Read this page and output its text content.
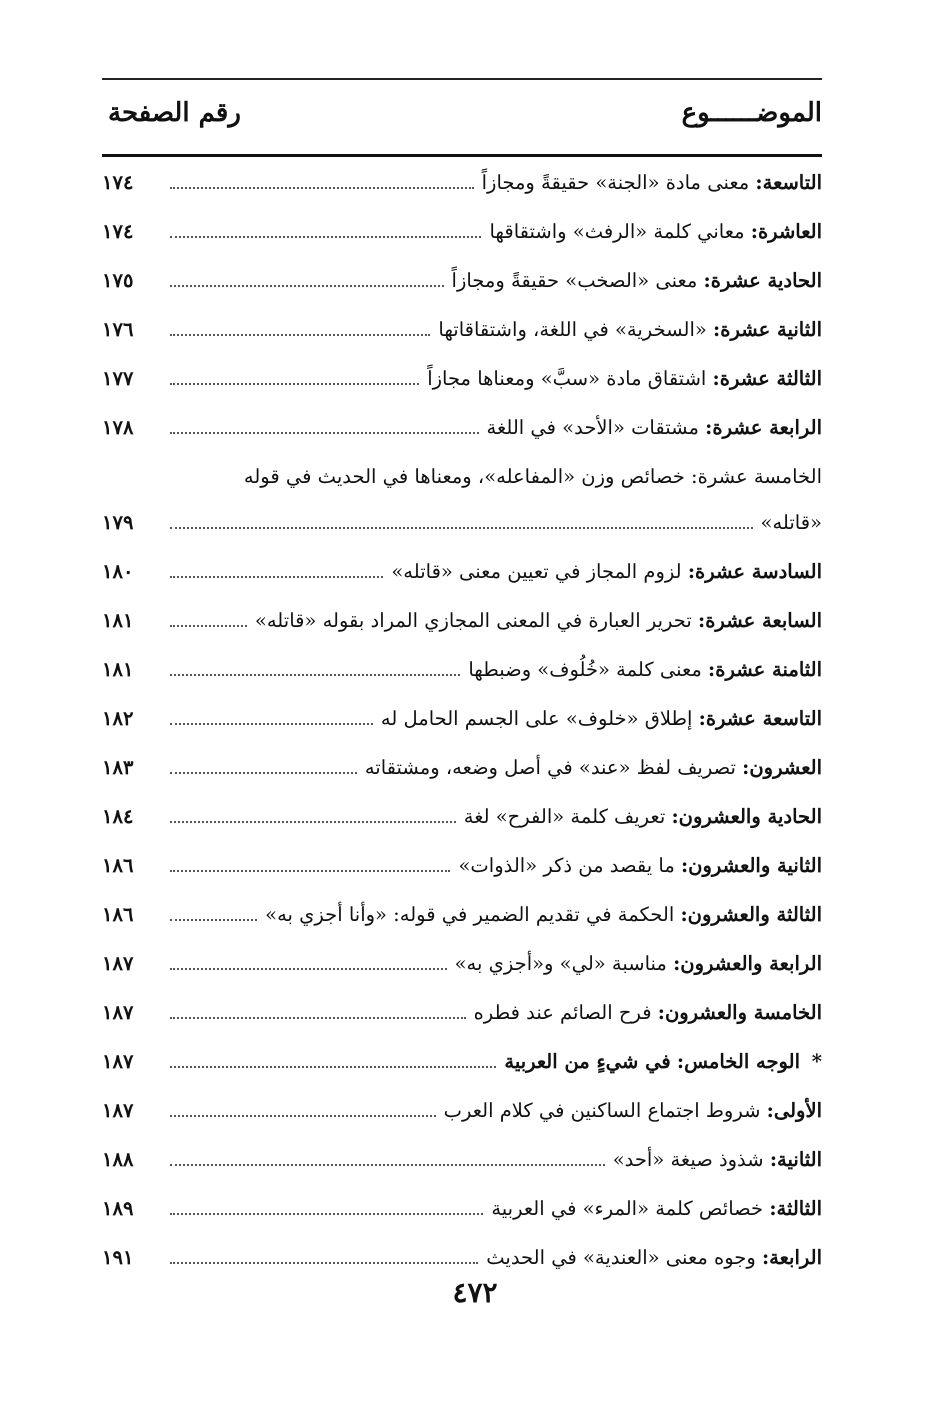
الموضــــــوع
رقم الصفحة
التاسعة: معنى مادة «الجنة» حقيقةً ومجازاً
١٧٤
العاشرة: معاني كلمة «الرفث» واشتقاقها
١٧٤
الحادية عشرة: معنى «الصخب» حقيقةً ومجازاً
١٧٥
الثانية عشرة: «السخرية» في اللغة، واشتقاقاتها
١٧٦
الثالثة عشرة: اشتقاق مادة «سبَّ» ومعناها مجازاً
١٧٧
الرابعة عشرة: مشتقات «الأحد» في اللغة
١٧٨
الخامسة عشرة: خصائص وزن «المفاعله»، ومعناها في الحديث في قوله
«قاتله»
١٧٩
السادسة عشرة: لزوم المجاز في تعيين معنى «قاتله»
١٨٠
السابعة عشرة: تحرير العبارة في المعنى المجازي المراد بقوله «قاتله»
١٨١
الثامنة عشرة: معنى كلمة «خُلُوف» وضبطها
١٨١
التاسعة عشرة: إطلاق «خلوف» على الجسم الحامل له
١٨٢
العشرون: تصريف لفظ «عند» في أصل وضعه، ومشتقاته
١٨٣
الحادية والعشرون: تعريف كلمة «الفرح» لغة
١٨٤
الثانية والعشرون: ما يقصد من ذكر «الذوات»
١٨٦
الثالثة والعشرون: الحكمة في تقديم الضمير في قوله: «وأنا أجزي به»
١٨٦
الرابعة والعشرون: مناسبة «لي» و«أجزي به»
١٨٧
الخامسة والعشرون: فرح الصائم عند فطره
١٨٧
*
الوجه الخامس: في شيءٍ من العربية
١٨٧
الأولى: شروط اجتماع الساكنين في كلام العرب
١٨٧
الثانية: شذوذ صيغة «أحد»
١٨٨
الثالثة: خصائص كلمة «المرء» في العربية
١٨٩
الرابعة: وجوه معنى «العندية» في الحديث
١٩١
٤٧٢
